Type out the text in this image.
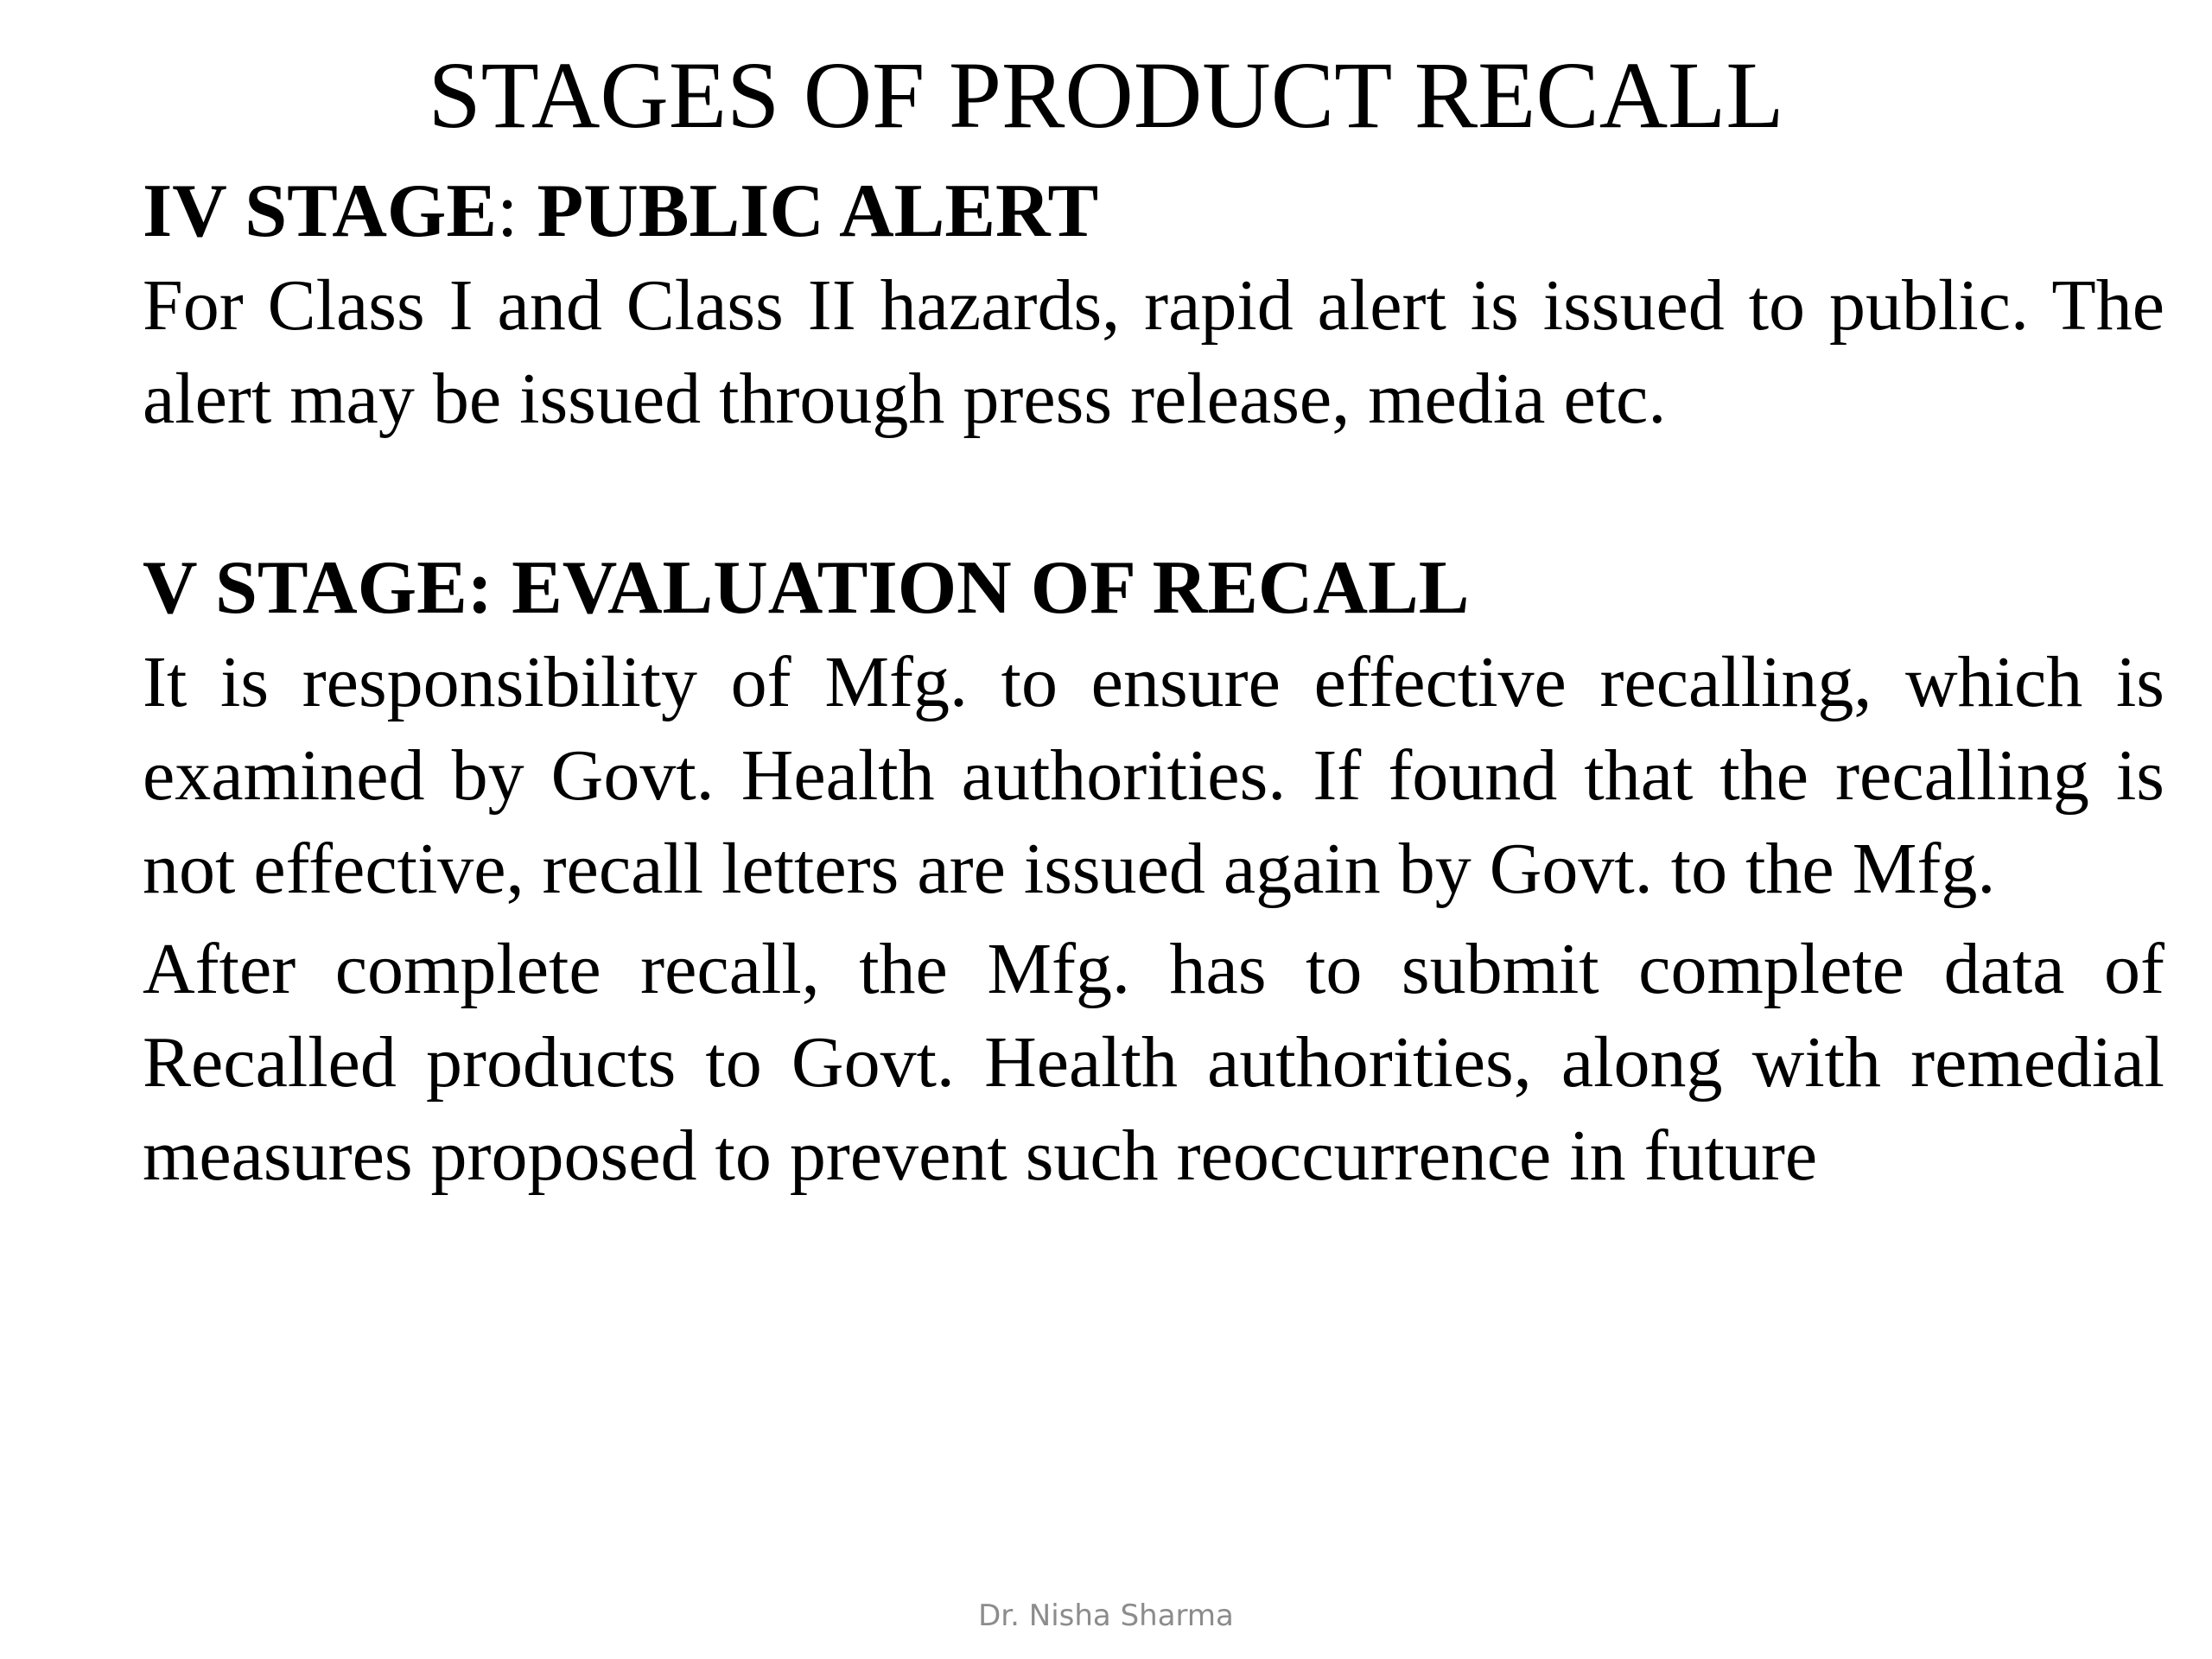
STAGES OF PRODUCT RECALL

IV STAGE: PUBLIC ALERT

For Class I and Class II hazards, rapid alert is issued to public. The alert may be issued through press release, media etc.

V STAGE: EVALUATION OF RECALL

It is responsibility of Mfg. to ensure effective recalling, which is examined by Govt. Health authorities. If found that the recalling is not effective, recall letters are issued again by Govt. to the Mfg.

After complete recall, the Mfg. has to submit complete data of Recalled products to Govt. Health authorities, along with remedial measures proposed to prevent such reoccurrence in future

Dr. Nisha Sharma
